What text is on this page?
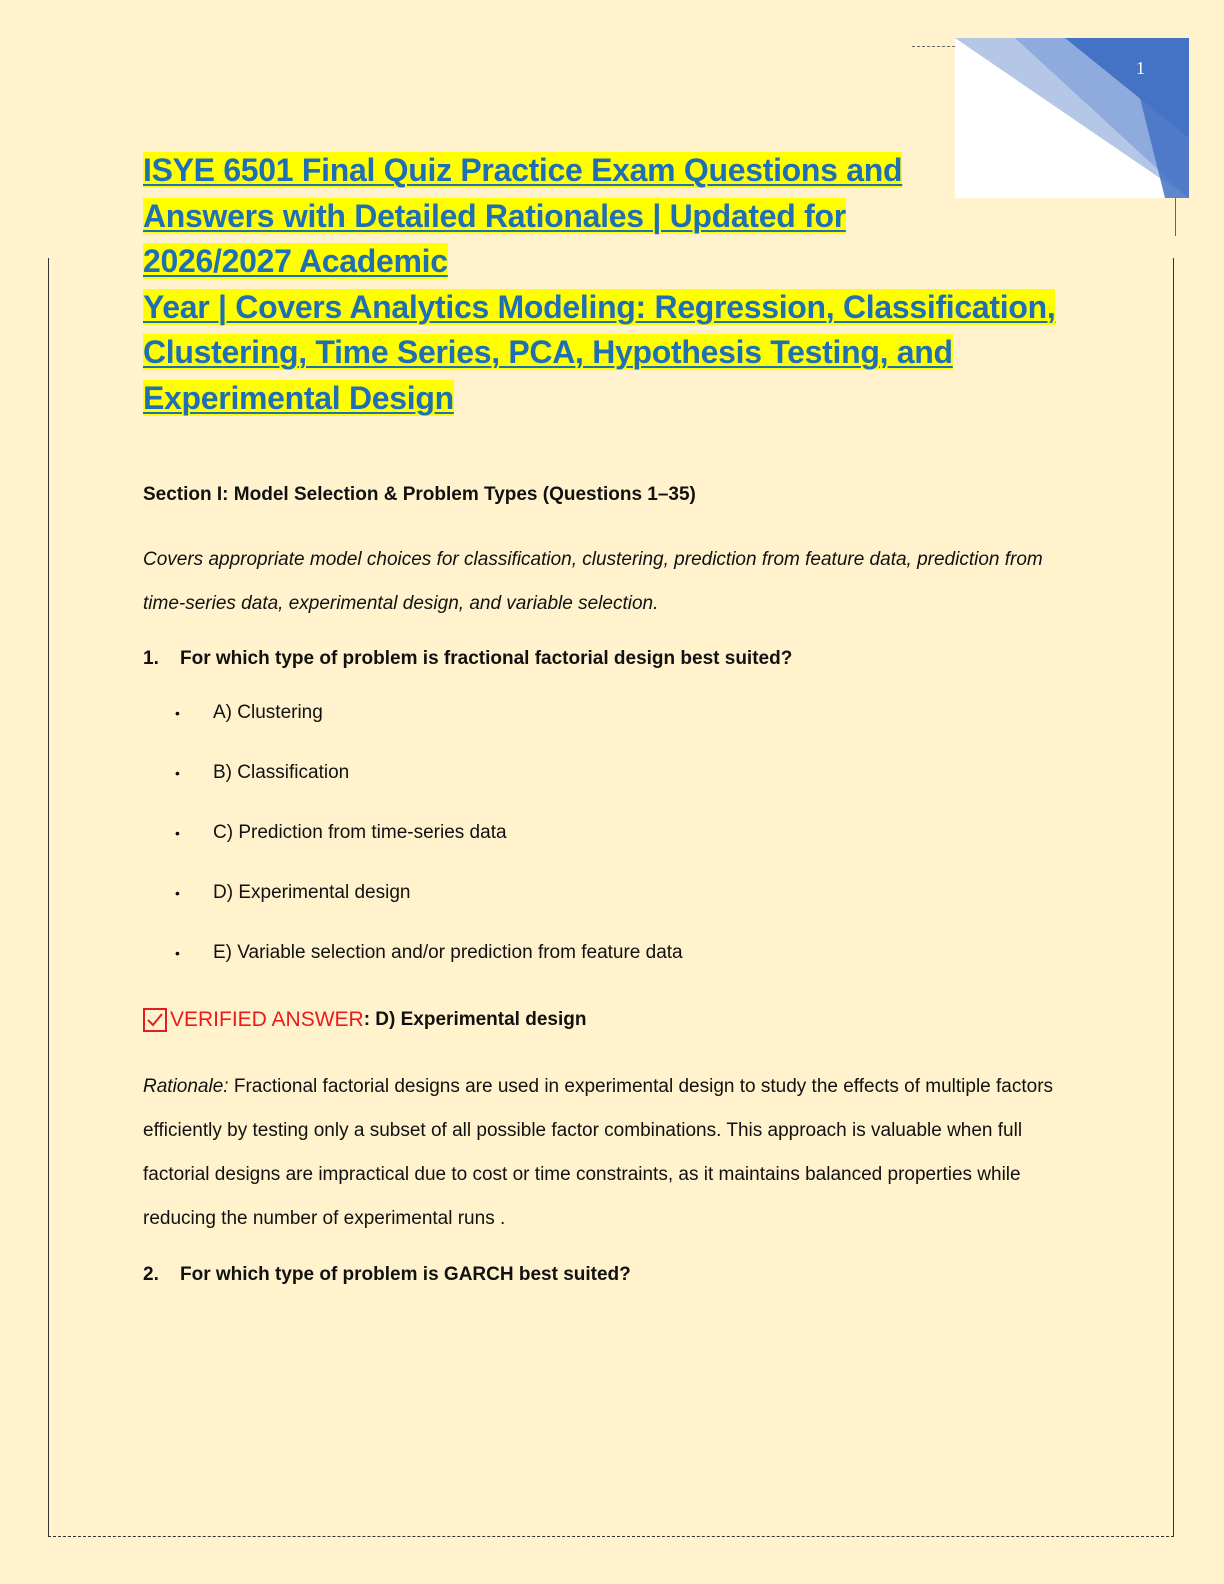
1
ISYE 6501 Final Quiz Practice Exam Questions and
Answers with Detailed Rationales | Updated for
2026/2027 Academic
Year | Covers Analytics Modeling: Regression, Classification,
Clustering, Time Series, PCA, Hypothesis Testing, and
Experimental Design
Section I: Model Selection & Problem Types (Questions 1–35)
Covers appropriate model choices for classification, clustering, prediction from feature data, prediction from time-series data, experimental design, and variable selection.
1. For which type of problem is fractional factorial design best suited?
•	A) Clustering
•	B) Classification
•	C) Prediction from time-series data
•	D) Experimental design
•	E) Variable selection and/or prediction from feature data
VERIFIED ANSWER : D) Experimental design
Rationale: Fractional factorial designs are used in experimental design to study the effects of multiple factors efficiently by testing only a subset of all possible factor combinations. This approach is valuable when full factorial designs are impractical due to cost or time constraints, as it maintains balanced properties while reducing the number of experimental runs .
2. For which type of problem is GARCH best suited?
